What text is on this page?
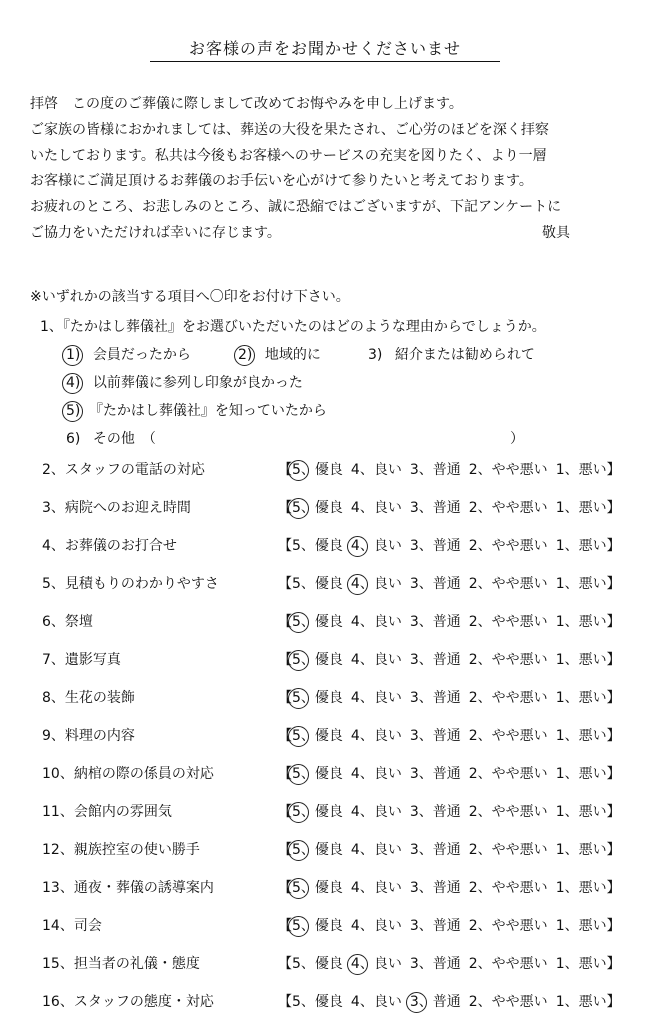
お客様の声をお聞かせくださいませ
拝啓　この度のご葬儀に際しまして改めてお悔やみを申し上げます。
ご家族の皆様におかれましては、葬送の大役を果たされ、ご心労のほどを深く拝察
いたしております。私共は今後もお客様へのサービスの充実を図りたく、より一層
お客様にご満足頂けるお葬儀のお手伝いを心がけて参りたいと考えております。
お疲れのところ、お悲しみのところ、誠に恐縮ではございますが、下記アンケートに
ご協力をいただければ幸いに存じます。	敬具
※いずれかの該当する項目へ〇印をお付け下さい。
1、『たかはし葬儀社』をお選びいただいたのはどのような理由からでしょうか。
1) 会員だったから	2) 地域的に	3) 紹介または勧められて
4) 以前葬儀に参列し印象が良かった
5) 『たかはし葬儀社』を知っていたから
6) その他　（	）
2、スタッフの電話の対応	【5、優良 4、良い 3、普通 2、やや悪い 1、悪い】
3、病院へのお迎え時間	【5、優良 4、良い 3、普通 2、やや悪い 1、悪い】
4、お葬儀のお打合せ	【5、優良 4、良い 3、普通 2、やや悪い 1、悪い】
5、見積もりのわかりやすさ	【5、優良 4、良い 3、普通 2、やや悪い 1、悪い】
6、祭壇	【5、優良 4、良い 3、普通 2、やや悪い 1、悪い】
7、遺影写真	【5、優良 4、良い 3、普通 2、やや悪い 1、悪い】
8、生花の装飾	【5、優良 4、良い 3、普通 2、やや悪い 1、悪い】
9、料理の内容	【5、優良 4、良い 3、普通 2、やや悪い 1、悪い】
10、納棺の際の係員の対応	【5、優良 4、良い 3、普通 2、やや悪い 1、悪い】
11、会館内の雰囲気	【5、優良 4、良い 3、普通 2、やや悪い 1、悪い】
12、親族控室の使い勝手	【5、優良 4、良い 3、普通 2、やや悪い 1、悪い】
13、通夜・葬儀の誘導案内	【5、優良 4、良い 3、普通 2、やや悪い 1、悪い】
14、司会	【5、優良 4、良い 3、普通 2、やや悪い 1、悪い】
15、担当者の礼儀・態度	【5、優良 4、良い 3、普通 2、やや悪い 1、悪い】
16、スタッフの態度・対応	【5、優良 4、良い 3、普通 2、やや悪い 1、悪い】
